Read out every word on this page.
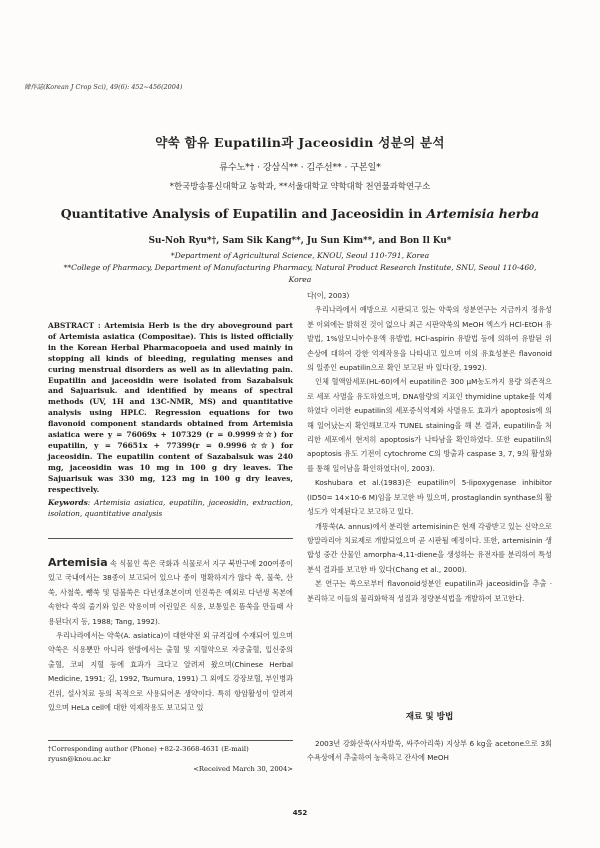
韓作誌(Korean J Crop Sci), 49(6): 452~456(2004)
약쑥 함유 Eupatilin과 Jaceosidin 성분의 분석
류수노*† · 강삼식** · 김주선** · 구본일*
*한국방송통신대학교 농학과, **서울대학교 약학대학 천연물과학연구소
Quantitative Analysis of Eupatilin and Jaceosidin in Artemisia herba
Su-Noh Ryu*†, Sam Sik Kang**, Ju Sun Kim**, and Bon Il Ku*
*Department of Agricultural Science, KNOU, Seoul 110-791, Korea
**College of Pharmacy, Department of Manufacturing Pharmacy, Natural Product Research Institute, SNU, Seoul 110-460, Korea
ABSTRACT : Artemisia Herb is the dry aboveground part of Artemisia asiatica (Compositae). This is listed officially in the Korean Herbal Pharmacopoeia and used mainly in stopping all kinds of bleeding, regulating menses and curing menstrual disorders as well as in alleviating pain. Eupatilin and jaceosidin were isolated from Sazabalsuk and Sajuarisuk. and identified by means of spectral methods (UV, 1H and 13C-NMR, MS) and quantitative analysis using HPLC. Regression equations for two flavonoid component standards obtained from Artemisia asiatica were y = 76069x + 107329 (r = 0.9999☆☆) for eupatilin, y = 76651x + 77399(r = 0.9996☆☆) for jaceosidin. The eupatilin content of Sazabalsuk was 240 mg, jaceosidin was 10 mg in 100 g dry leaves. The Sajuarisuk was 330 mg, 123 mg in 100 g dry leaves, respectively.
Keywords: Artemisia asiatica, eupatilin, jaceosidin, extraction, isolation, quantitative analysis

Artemisia 속 식물인 쑥은 국화과 식물로서 지구 북반구에 200여종이 있고 국내에서는 38종이 보고되어 있으나 종이 명확하지가 않다 쑥, 물쑥, 산쑥, 사철쑥, 뺑쑥 및 덤불쑥은 다년생초본이며 인진쑥은 예외로 다년생 목본에 속한다 쑥의 줄기와 잎은 약용이며 어린잎은 식용, 보통잎은 뜸쑥을 만들때 사용된다(지 등, 1988; Tang, 1992).

우리나라에서는 약쑥(A. asiatica)이 대한약전 외 규격집에 수재되어 있으며 약쑥은 식용뿐만 아니라 한방에서는 출혈 및 지혈약으로 자궁출혈, 입신중의 출혈, 코피 지혈 등에 효과가 크다고 알려져 왔으며(Chinese Herbal Medicine, 1991; 김, 1992, Tsumura, 1991) 그 외에도 강장보혈, 부인병과 건위, 설사치료 등의 목적으로 사용되어온 생약이다. 특히 항암활성이 알려져 있으며 HeLa cell에 대한 억제작용도 보고되고 있

†Corresponding author (Phone) +82-2-3668-4631 (E-mail) ryusn@knou.ac.kr
<Received March 30, 2004>

다(이, 2003)

우리나라에서 예방으로 시판되고 있는 약쑥의 성분연구는 지금까지 정유성분 이외에는 밝혀진 것이 없으나 최근 시판약쑥의 MeOH 엑스가 HCl-EtOH 유발법, 1%암모니아수용액 유발법, HCl-aspirin 유발법 등에 의하여 유발된 위 손상에 대하여 강한 억제작용을 나타내고 있으며 이의 유효성분은 flavonoid의 일종인 eupatilin으로 확인 보고된 바 있다(장, 1992).

인체 혈액암세포(HL-60)에서 eupatilin은 300 μM농도까지 용량 의존적으로 세포 사멸을 유도하였으며, DNA함량의 지표인 thymidine uptake를 억제하였다 이러한 eupatilin의 세포증식억제와 사멸유도 효과가 apoptosis에 의해 일어났는지 확인해보고자 TUNEL staining을 해 본 결과, eupatilin을 처리한 세포에서 현저히 apoptosis가 나타남을 확인하였다. 또한 eupatilin의 apoptosis 유도 기전이 cytochrome C의 방출과 caspase 3, 7, 9의 활성화를 통해 일어남을 확인하였다(이, 2003).

Koshubara et al.(1983)은 eupatilin이 5-lipoxygenase inhibitor (ID50= 14×10-6 M)임을 보고한 바 있으며, prostaglandin synthase의 활성도가 억제된다고 보고하고 있다.

개똥쑥(A. annus)에서 분리한 artemisinin은 현재 각광받고 있는 신약으로 항말라리아 치료제로 개발되었으며 곧 시판될 예정이다. 또한, artemisinin 생합성 중간 산물인 amorpha-4,11-diene을 생성하는 유전자를 분리하여 특성분석 결과를 보고한 바 있다(Chang et al., 2000).

본 연구는 쑥으로부터 flavonoid성분인 eupatilin과 jaceosidin을 추출 · 분리하고 이들의 물리화학적 성질과 정량분석법을 개발하여 보고한다.

재료 및 방법

2003년 강화산쑥(사자발쑥, 싸주아리쑥) 지상부 6 kg을 acetone으로 3회 수욕상에서 추출하여 농축하고 잔사에 MeOH

452
